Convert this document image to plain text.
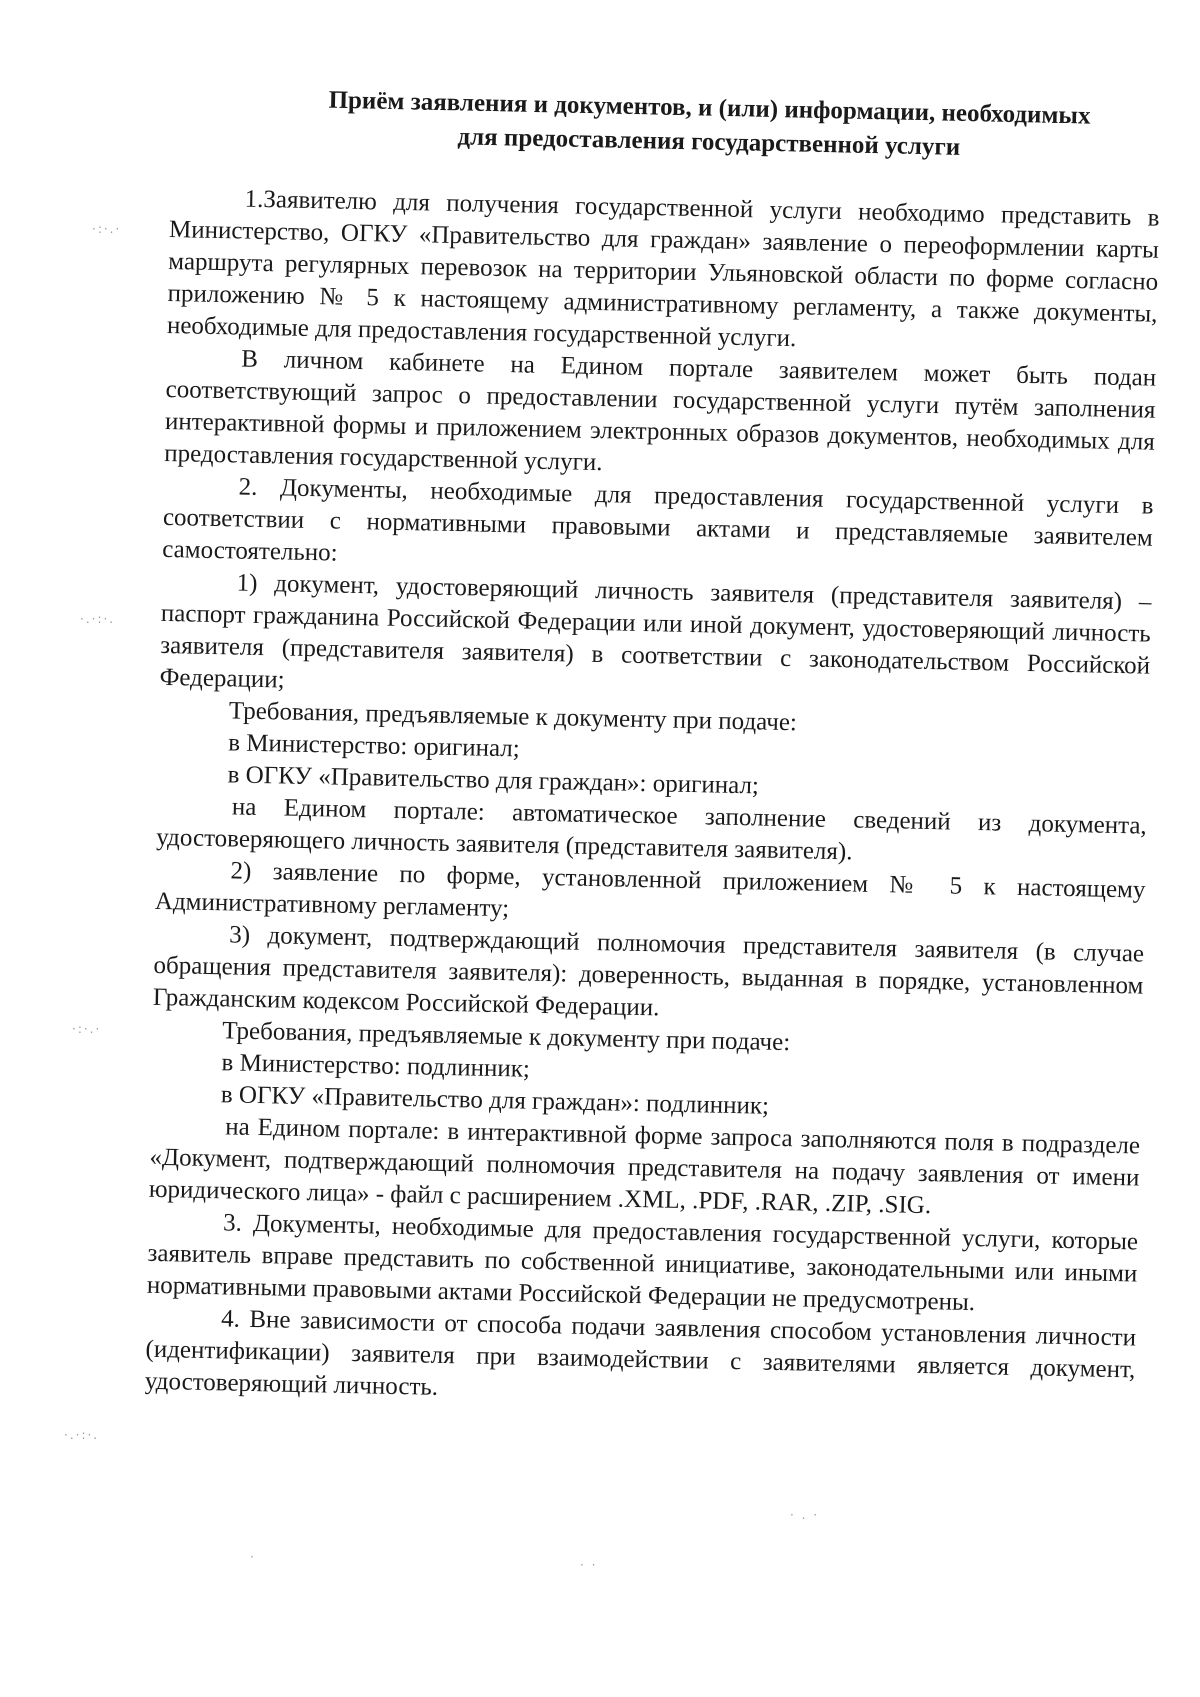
Приём заявления и документов, и (или) информации, необходимых
для предоставления государственной услуги

1.Заявителю для получения государственной услуги необходимо представить в Министерство, ОГКУ «Правительство для граждан» заявление о переоформлении карты маршрута регулярных перевозок на территории Ульяновской области по форме согласно приложению № 5 к настоящему административному регламенту, а также документы, необходимые для предоставления государственной услуги.

В личном кабинете на Едином портале заявителем может быть подан соответствующий запрос о предоставлении государственной услуги путём заполнения интерактивной формы и приложением электронных образов документов, необходимых для предоставления государственной услуги.

2. Документы, необходимые для предоставления государственной услуги в соответствии с нормативными правовыми актами и представляемые заявителем самостоятельно:

1) документ, удостоверяющий личность заявителя (представителя заявителя) – паспорт гражданина Российской Федерации или иной документ, удостоверяющий личность заявителя (представителя заявителя) в соответствии с законодательством Российской Федерации;

Требования, предъявляемые к документу при подаче:

в Министерство: оригинал;

в ОГКУ «Правительство для граждан»: оригинал;

на Едином портале: автоматическое заполнение сведений из документа, удостоверяющего личность заявителя (представителя заявителя).

2) заявление по форме, установленной приложением № 5 к настоящему Административному регламенту;

3) документ, подтверждающий полномочия представителя заявителя (в случае обращения представителя заявителя): доверенность, выданная в порядке, установленном Гражданским кодексом Российской Федерации.

Требования, предъявляемые к документу при подаче:

в Министерство: подлинник;

в ОГКУ «Правительство для граждан»: подлинник;

на Едином портале: в интерактивной форме запроса заполняются поля в подразделе «Документ, подтверждающий полномочия представителя на подачу заявления от имени юридического лица» - файл с расширением .XML, .PDF, .RAR, .ZIP, .SIG.

3. Документы, необходимые для предоставления государственной услуги, которые заявитель вправе представить по собственной инициативе, законодательными или иными нормативными правовыми актами Российской Федерации не предусмотрены.

4. Вне зависимости от способа подачи заявления способом установления личности (идентификации) заявителя при взаимодействии с заявителями является документ, удостоверяющий личность.

·:·.·
·.·:·.
·:·.·
·.·:·.
· . ·
· ·
·
